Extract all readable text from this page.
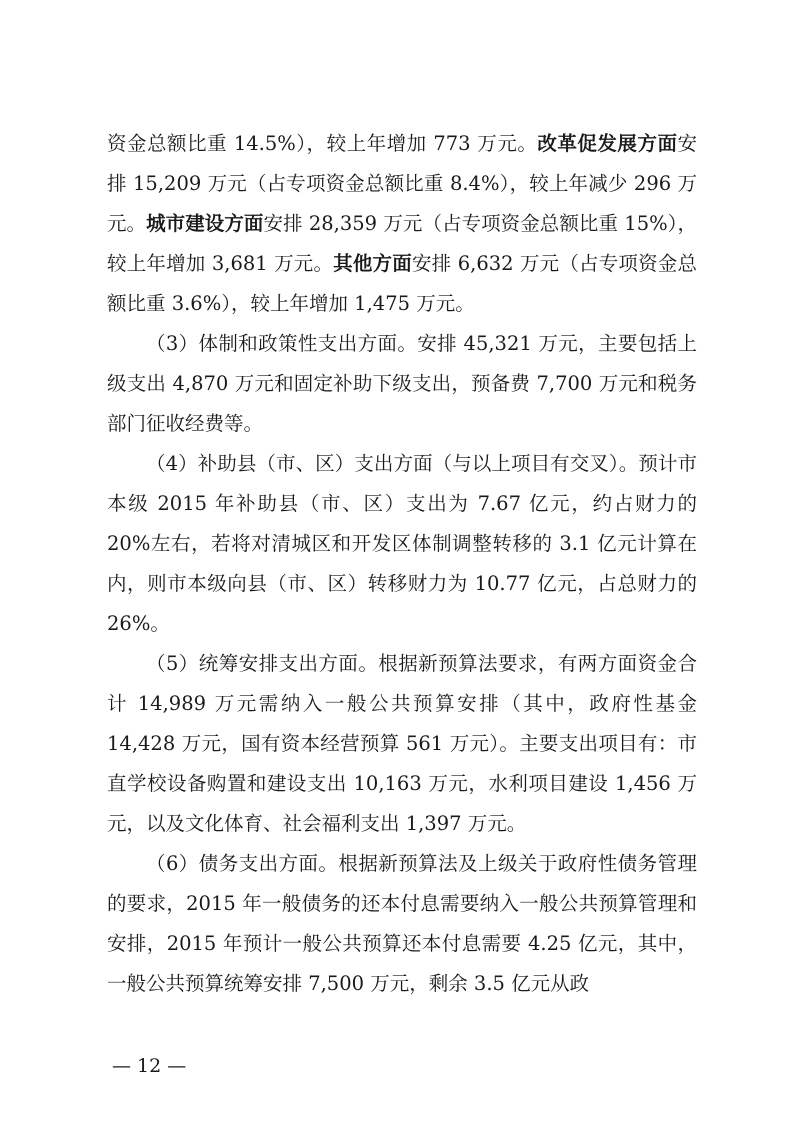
资金总额比重 14.5%），较上年增加 773 万元。改革促发展方面安排 15,209 万元（占专项资金总额比重 8.4%），较上年减少 296 万元。城市建设方面安排 28,359 万元（占专项资金总额比重 15%），较上年增加 3,681 万元。其他方面安排 6,632 万元（占专项资金总额比重 3.6%），较上年增加 1,475 万元。

（3）体制和政策性支出方面。安排 45,321 万元，主要包括上级支出 4,870 万元和固定补助下级支出，预备费 7,700 万元和税务部门征收经费等。

（4）补助县（市、区）支出方面（与以上项目有交叉）。预计市本级 2015 年补助县（市、区）支出为 7.67 亿元，约占财力的 20%左右，若将对清城区和开发区体制调整转移的 3.1 亿元计算在内，则市本级向县（市、区）转移财力为 10.77 亿元，占总财力的 26%。

（5）统筹安排支出方面。根据新预算法要求，有两方面资金合计 14,989 万元需纳入一般公共预算安排（其中，政府性基金 14,428 万元，国有资本经营预算 561 万元）。主要支出项目有：市直学校设备购置和建设支出 10,163 万元，水利项目建设 1,456 万元，以及文化体育、社会福利支出 1,397 万元。

（6）债务支出方面。根据新预算法及上级关于政府性债务管理的要求，2015 年一般债务的还本付息需要纳入一般公共预算管理和安排，2015 年预计一般公共预算还本付息需要 4.25 亿元，其中，一般公共预算统筹安排 7,500 万元，剩余 3.5 亿元从政

— 12 —
